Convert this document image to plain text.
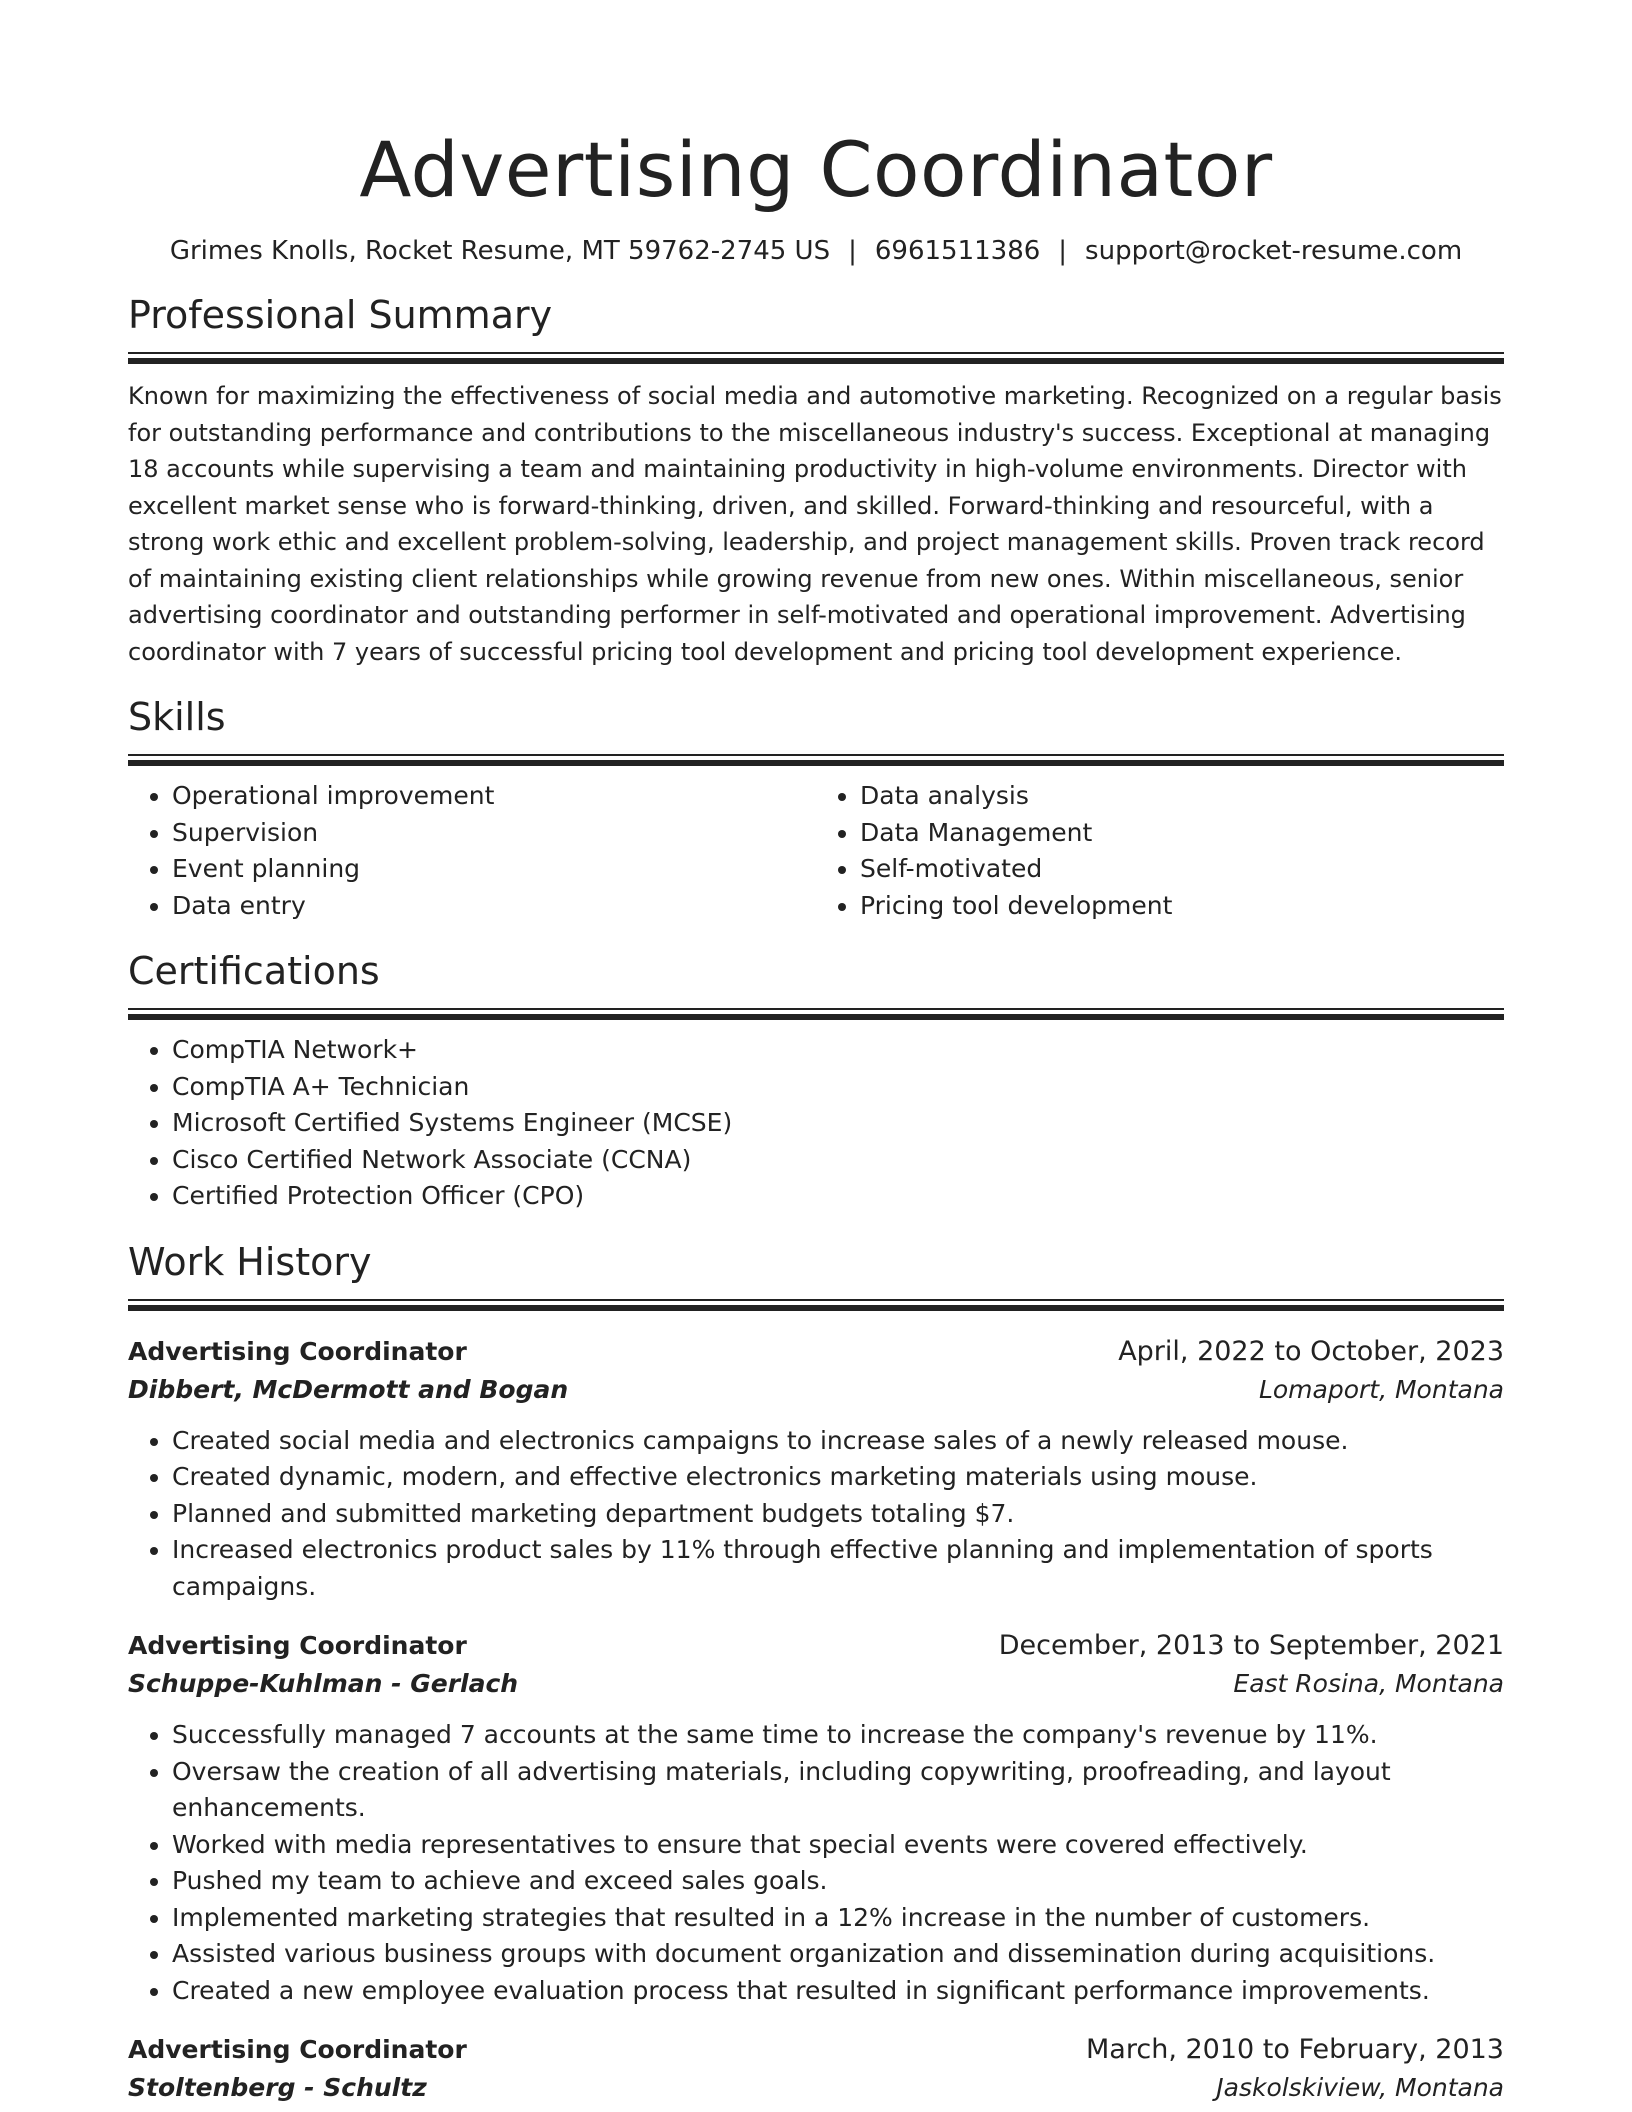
Advertising Coordinator
Grimes Knolls, Rocket Resume, MT 59762-2745 US | 6961511386 | support@rocket-resume.com
Professional Summary

Known for maximizing the effectiveness of social media and automotive marketing. Recognized on a regular basis for outstanding performance and contributions to the miscellaneous industry's success. Exceptional at managing 18 accounts while supervising a team and maintaining productivity in high-volume environments. Director with excellent market sense who is forward-thinking, driven, and skilled. Forward-thinking and resourceful, with a strong work ethic and excellent problem-solving, leadership, and project management skills. Proven track record of maintaining existing client relationships while growing revenue from new ones. Within miscellaneous, senior advertising coordinator and outstanding performer in self-motivated and operational improvement. Advertising coordinator with 7 years of successful pricing tool development and pricing tool development experience.

Skills
• Operational improvement
• Supervision
• Event planning
• Data entry
• Data analysis
• Data Management
• Self-motivated
• Pricing tool development
Certifications
• CompTIA Network+
• CompTIA A+ Technician
• Microsoft Certified Systems Engineer (MCSE)
• Cisco Certified Network Associate (CCNA)
• Certified Protection Officer (CPO)
Work History
Advertising Coordinator	April, 2022 to October, 2023
Dibbert, McDermott and Bogan	Lomaport, Montana
• Created social media and electronics campaigns to increase sales of a newly released mouse.
• Created dynamic, modern, and effective electronics marketing materials using mouse.
• Planned and submitted marketing department budgets totaling $7.
• Increased electronics product sales by 11% through effective planning and implementation of sports campaigns.
Advertising Coordinator	December, 2013 to September, 2021
Schuppe-Kuhlman - Gerlach	East Rosina, Montana
• Successfully managed 7 accounts at the same time to increase the company's revenue by 11%.
• Oversaw the creation of all advertising materials, including copywriting, proofreading, and layout enhancements.
• Worked with media representatives to ensure that special events were covered effectively.
• Pushed my team to achieve and exceed sales goals.
• Implemented marketing strategies that resulted in a 12% increase in the number of customers.
• Assisted various business groups with document organization and dissemination during acquisitions.
• Created a new employee evaluation process that resulted in significant performance improvements.
Advertising Coordinator	March, 2010 to February, 2013
Stoltenberg - Schultz	Jaskolskiview, Montana
